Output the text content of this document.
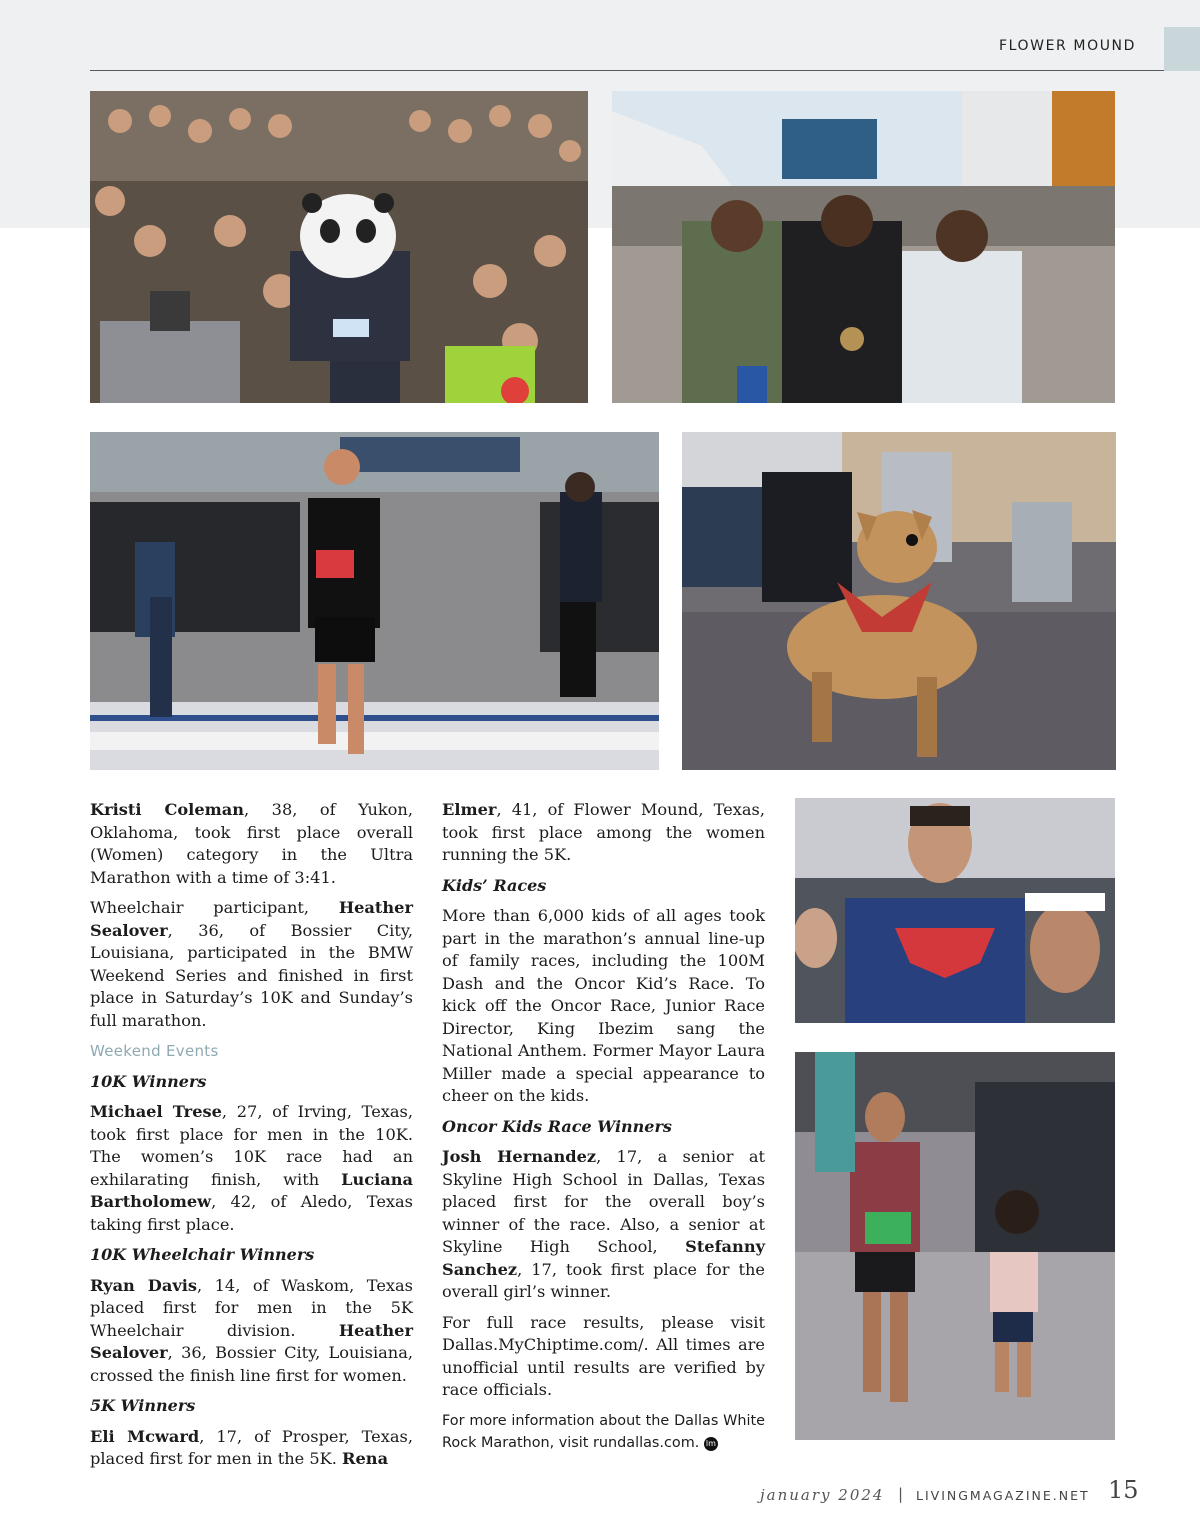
FLOWER MOUND

Kristi Coleman, 38, of Yukon, Oklahoma, took first place overall (Women) category in the Ultra Marathon with a time of 3:41.

Wheelchair participant, Heather Sealover, 36, of Bossier City, Louisiana, participated in the BMW Weekend Series and finished in first place in Saturday’s 10K and Sunday’s full marathon.

Weekend Events
10K Winners

Michael Trese, 27, of Irving, Texas, took first place for men in the 10K. The women’s 10K race had an exhilarating finish, with Luciana Bartholomew, 42, of Aledo, Texas taking first place.

10K Wheelchair Winners

Ryan Davis, 14, of Waskom, Texas placed first for men in the 5K Wheelchair division. Heather Sealover, 36, Bossier City, Louisiana, crossed the finish line first for women.

5K Winners

Eli Mcward, 17, of Prosper, Texas, placed first for men in the 5K. Rena

Elmer, 41, of Flower Mound, Texas, took first place among the women running the 5K.

Kids’ Races

More than 6,000 kids of all ages took part in the marathon’s annual line-up of family races, including the 100M Dash and the Oncor Kid’s Race. To kick off the Oncor Race, Junior Race Director, King Ibezim sang the National Anthem. Former Mayor Laura Miller made a special appearance to cheer on the kids.

Oncor Kids Race Winners

Josh Hernandez, 17, a senior at Skyline High School in Dallas, Texas placed first for the overall boy’s winner of the race. Also, a senior at Skyline High School, Stefanny Sanchez, 17, took first place for the overall girl’s winner.

For full race results, please visit Dallas.MyChiptime.com/. All times are unofficial until results are verified by race officials.

For more information about the Dallas White Rock Marathon, visit rundallas.com. lm

january 2024 | LIVINGMAGAZINE.NET 15
